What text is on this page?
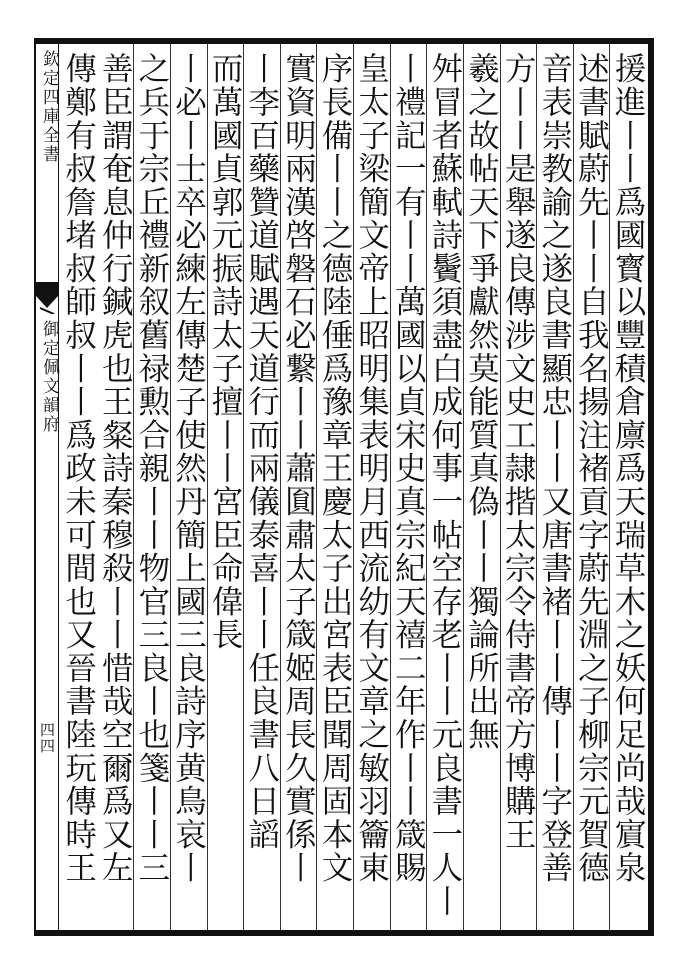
欽定四庫全書
御定佩文韻府
四四	援進丨丨爲國寳以豐積倉廪爲天瑞草木之妖何足尚哉賔泉
述書賦蔚先丨丨自我名揚注褚貢字蔚先淵之子柳宗元賀德
音表崇教諭之遂良書顯忠丨丨又唐書褚丨丨傳丨丨字登善
方丨丨是舉遂良傳涉文史工隷揩太宗令侍書帝方博購王
羲之故帖天下爭獻然莫能質真偽丨丨獨論所出無
舛冒者蘇軾詩鬢須盡白成何事一帖空存老丨丨元良書一人丨
丨禮記一有丨丨萬國以貞宋史真宗紀天禧二年作丨丨箴賜
皇太子梁簡文帝上昭明集表明月西流幼有文章之敏羽籥東
序長備丨丨之德陸倕爲豫章王慶太子出宮表臣聞周固本文
實資明兩漢啓磐石必繋丨丨蕭圎肅太子箴姬周長久實係丨
丨李百藥贊道賦遇天道行而兩儀泰喜丨丨任良書八日謟
而萬國貞郭元振詩太子擅丨丨宮臣命偉長
丨必丨士卒必練左傳楚子使然丹簡上國三良詩序黄鳥哀丨
之兵于宗丘禮新叙舊禄勲合親丨丨物官三良丨也箋丨丨三
善臣謂奄息仲行鍼虎也王粲詩秦穆殺丨丨惜哉空爾爲又左
傳鄭有叔詹堵叔師叔丨丨爲政未可間也又晉書陸玩傳時王
